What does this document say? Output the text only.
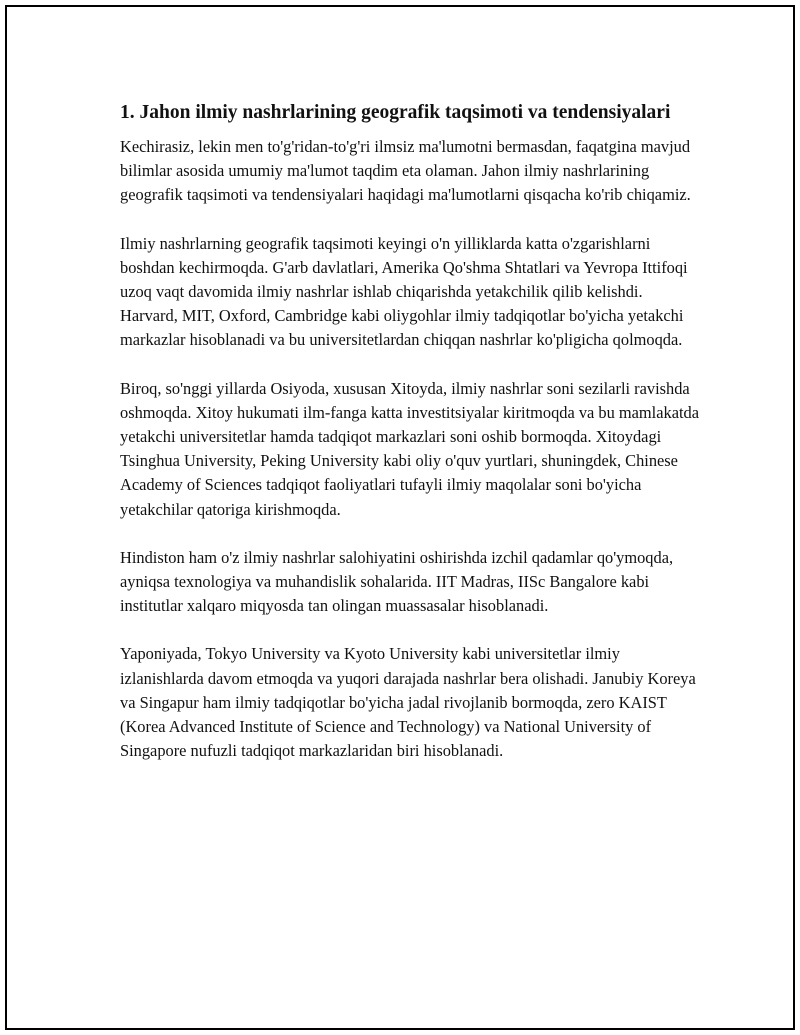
1. Jahon ilmiy nashrlarining geografik taqsimoti va tendensiyalari

Kechirasiz, lekin men to'g'ridan-to'g'ri ilmsiz ma'lumotni bermasdan, faqatgina mavjud bilimlar asosida umumiy ma'lumot taqdim eta olaman. Jahon ilmiy nashrlarining geografik taqsimoti va tendensiyalari haqidagi ma'lumotlarni qisqacha ko'rib chiqamiz.

Ilmiy nashrlarning geografik taqsimoti keyingi o'n yilliklarda katta o'zgarishlarni boshdan kechirmoqda. G'arb davlatlari, Amerika Qo'shma Shtatlari va Yevropa Ittifoqi uzoq vaqt davomida ilmiy nashrlar ishlab chiqarishda yetakchilik qilib kelishdi. Harvard, MIT, Oxford, Cambridge kabi oliygohlar ilmiy tadqiqotlar bo'yicha yetakchi markazlar hisoblanadi va bu universitetlardan chiqqan nashrlar ko'pligicha qolmoqda.

Biroq, so'nggi yillarda Osiyoda, xususan Xitoyda, ilmiy nashrlar soni sezilarli ravishda oshmoqda. Xitoy hukumati ilm-fanga katta investitsiyalar kiritmoqda va bu mamlakatda yetakchi universitetlar hamda tadqiqot markazlari soni oshib bormoqda. Xitoydagi Tsinghua University, Peking University kabi oliy o'quv yurtlari, shuningdek, Chinese Academy of Sciences tadqiqot faoliyatlari tufayli ilmiy maqolalar soni bo'yicha yetakchilar qatoriga kirishmoqda.

Hindiston ham o'z ilmiy nashrlar salohiyatini oshirishda izchil qadamlar qo'ymoqda, ayniqsa texnologiya va muhandislik sohalarida. IIT Madras, IISc Bangalore kabi institutlar xalqaro miqyosda tan olingan muassasalar hisoblanadi.

Yaponiyada, Tokyo University va Kyoto University kabi universitetlar ilmiy izlanishlarda davom etmoqda va yuqori darajada nashrlar bera olishadi. Janubiy Koreya va Singapur ham ilmiy tadqiqotlar bo'yicha jadal rivojlanib bormoqda, zero KAIST (Korea Advanced Institute of Science and Technology) va National University of Singapore nufuzli tadqiqot markazlaridan biri hisoblanadi.
